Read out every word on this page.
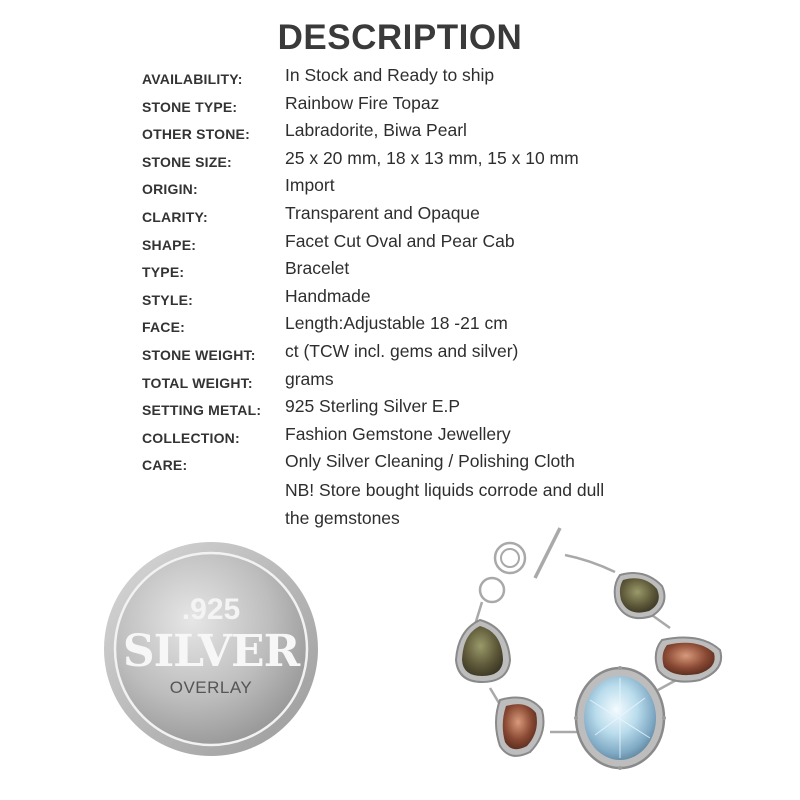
DESCRIPTION
AVAILABILITY: In Stock and Ready to ship
STONE TYPE:	Rainbow Fire Topaz
OTHER STONE: Labradorite, Biwa Pearl
STONE SIZE:	25 x 20 mm, 18 x 13 mm, 15 x 10 mm
ORIGIN:	Import
CLARITY:	Transparent and Opaque
SHAPE:	Facet Cut Oval and Pear Cab
TYPE:	Bracelet
STYLE:	Handmade
FACE:	Length:Adjustable 18 -21 cm
STONE WEIGHT: ct (TCW incl. gems and silver)
TOTAL WEIGHT: grams
SETTING METAL: 925 Sterling Silver E.P
COLLECTION:	Fashion Gemstone Jewellery
CARE:	Only Silver Cleaning / Polishing Cloth
NB! Store bought liquids corrode and dull
the gemstones
.925
SILVER
OVERLAY
